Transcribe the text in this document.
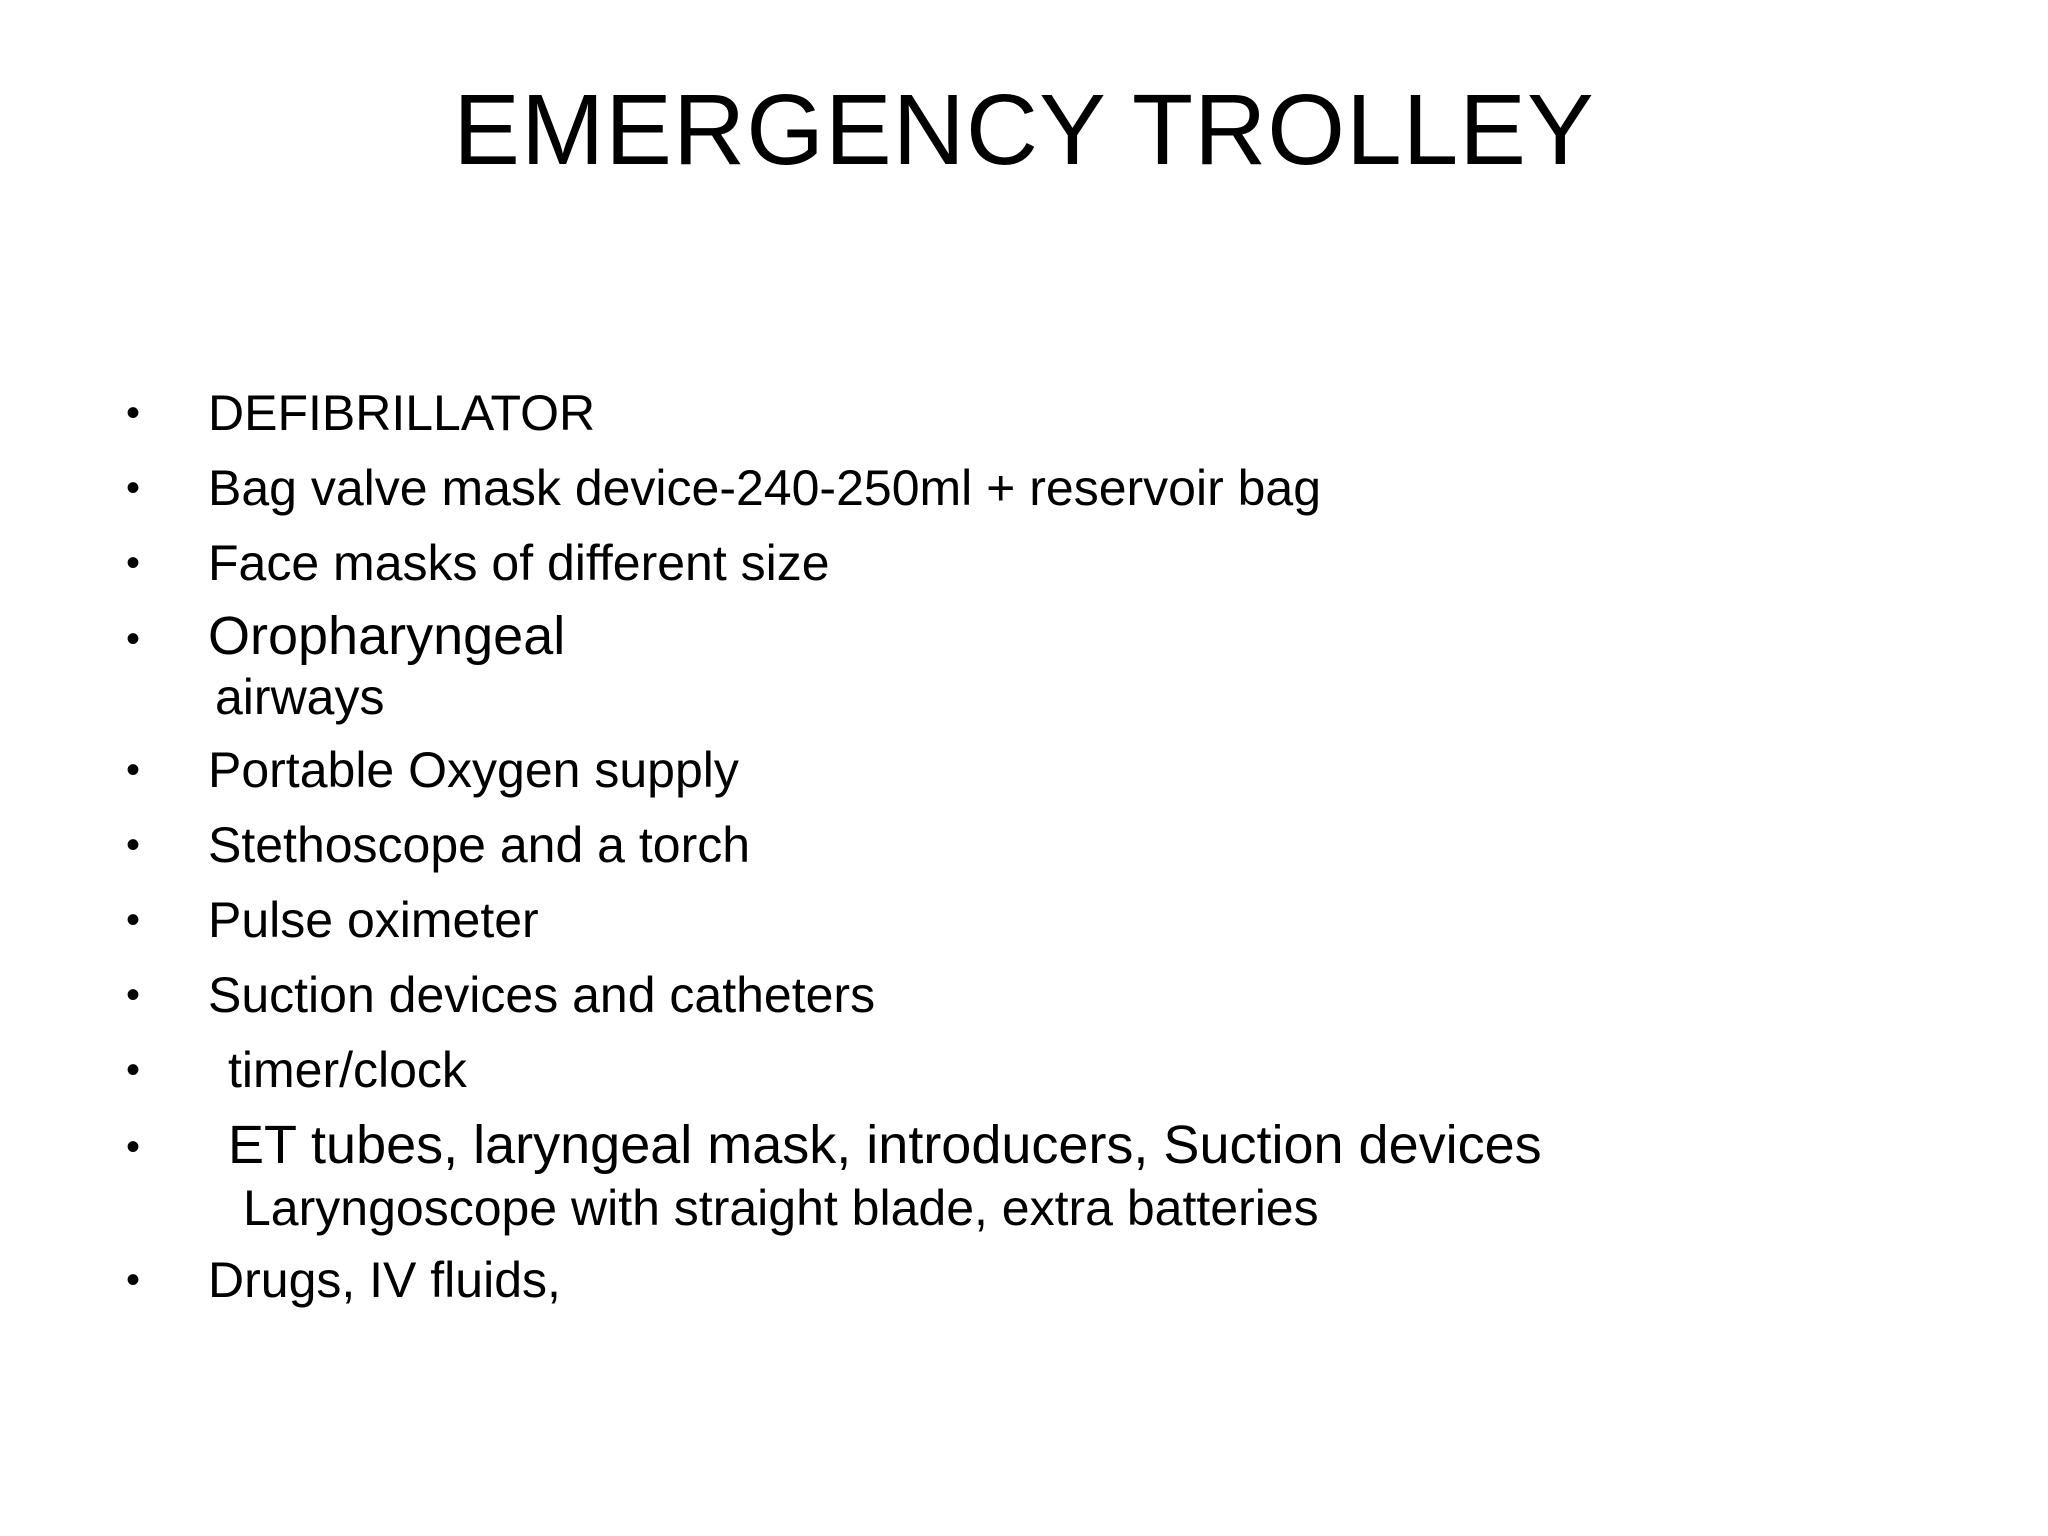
EMERGENCY TROLLEY
• DEFIBRILLATOR
• Bag valve mask device-240-250ml + reservoir bag
• Face masks of different size
• Oropharyngeal
airways
• Portable Oxygen supply
• Stethoscope and a torch
• Pulse oximeter
• Suction devices and catheters
• timer/clock
• ET tubes, laryngeal mask, introducers, Suction devices
Laryngoscope with straight blade, extra batteries
• Drugs, IV fluids,
